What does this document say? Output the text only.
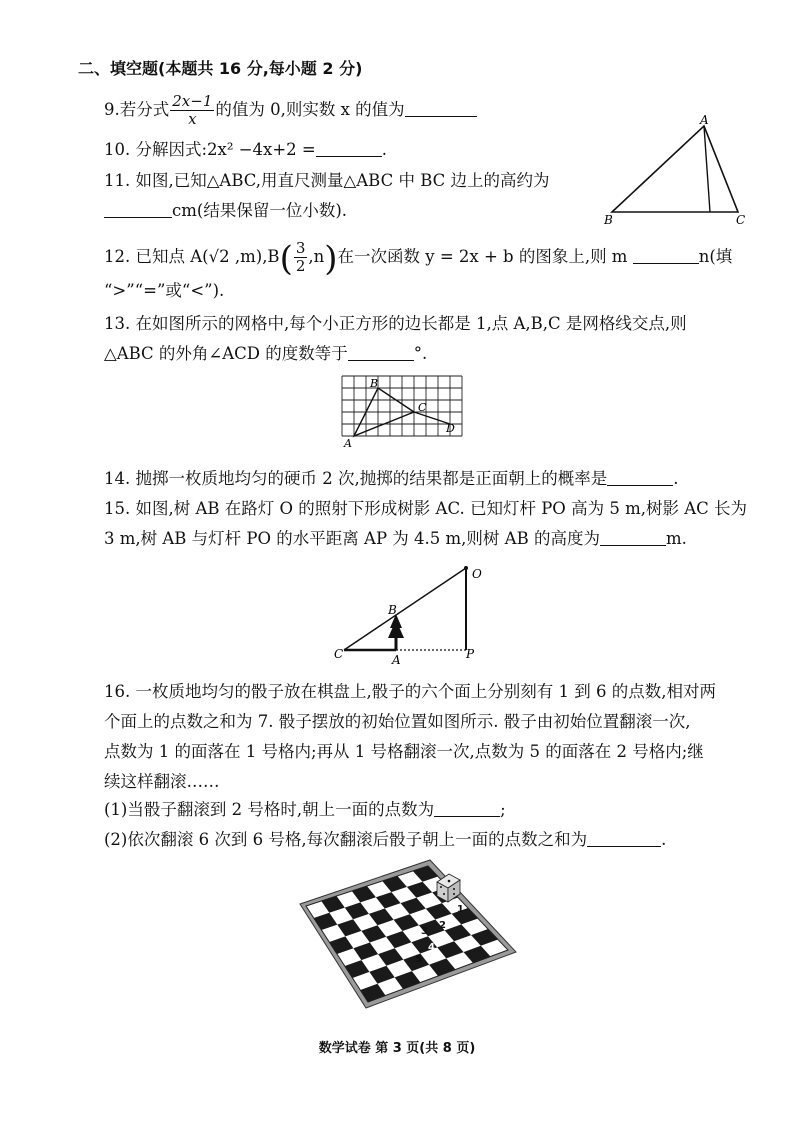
二、填空题(本题共 16 分,每小题 2 分)
9.若分式 $\frac{2x-1}{x}$ 的值为 0,则实数 x 的值为
10. 分解因式:2x² −4x+2 =	.
11. 如图,已知△ABC,用直尺测量△ABC 中 BC 边上的高约为
cm(结果保留一位小数).
A
B	C
12. 已知点 A(√2 $,m),B( \frac{3}{2} ,n)$在一次函数 y = 2x + b 的图象上,则 m	n(填
“>”“=”或“<”).
13. 在如图所示的网格中,每个小正方形的边长都是 1,点 A,B,C 是网格线交点,则
△ABC 的外角∠ACD 的度数等于	°.
B
A
C
D
14. 抛掷一枚质地均匀的硬币 2 次,抛掷的结果都是正面朝上的概率是	.
15. 如图,树 AB 在路灯 O 的照射下形成树影 AC. 已知灯杆 PO 高为 5 m,树影 AC 长为
3 m,树 AB 与灯杆 PO 的水平距离 AP 为 4.5 m,则树 AB 的高度为	m.
O
B
C	A	P
16. 一枚质地均匀的骰子放在棋盘上,骰子的六个面上分别刻有 1 到 6 的点数,相对两
个面上的点数之和为 7. 骰子摆放的初始位置如图所示. 骰子由初始位置翻滚一次,
点数为 1 的面落在 1 号格内;再从 1 号格翻滚一次,点数为 5 的面落在 2 号格内;继
续这样翻滚……
(1)当骰子翻滚到 2 号格时,朝上一面的点数为	;
(2)依次翻滚 6 次到 6 号格,每次翻滚后骰子朝上一面的点数之和为	.
1
2
3
4
5
6
数学试卷 第 3 页(共 8 页)
